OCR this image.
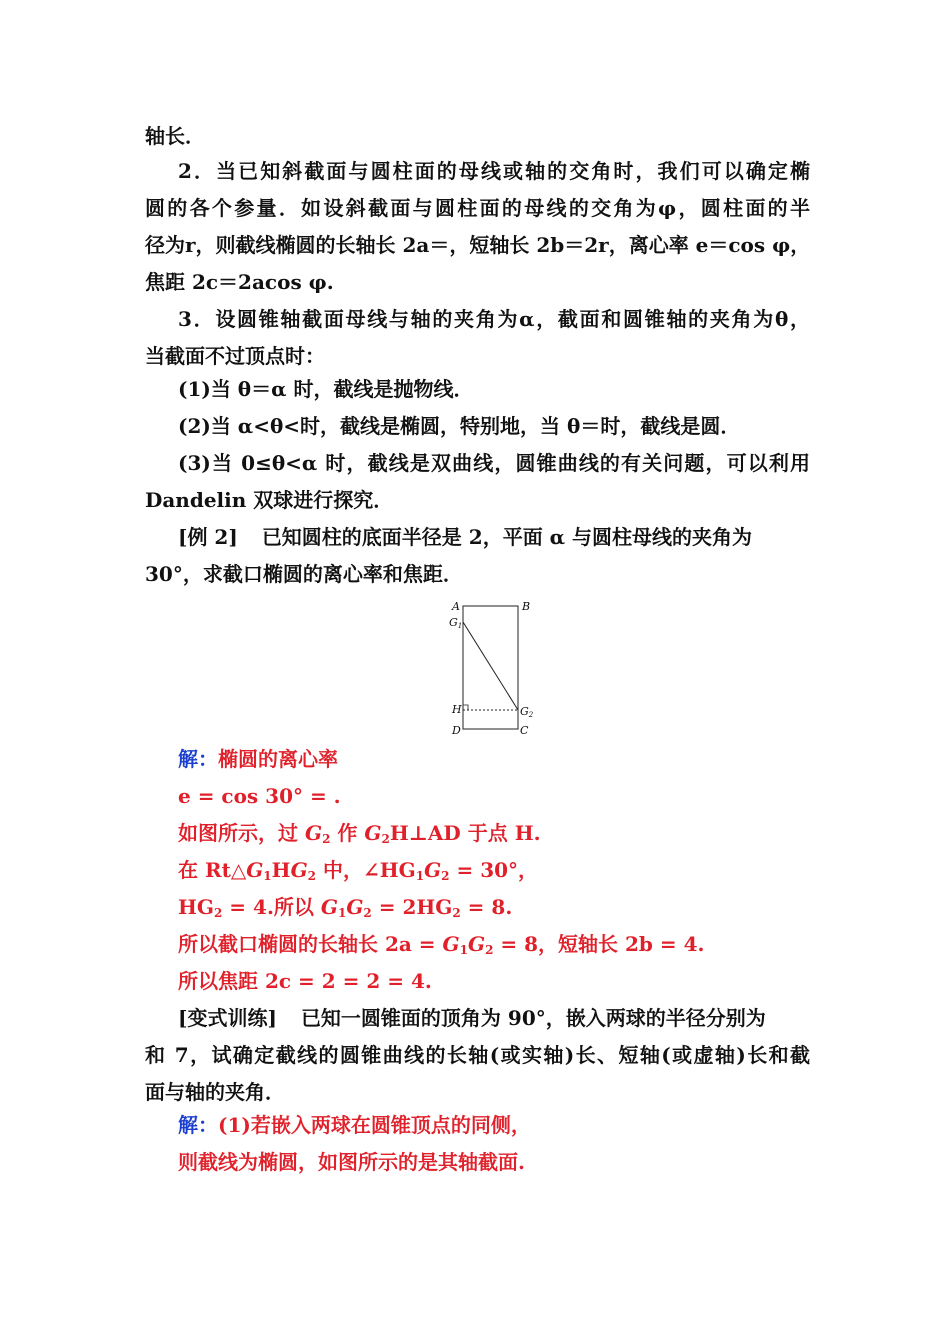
轴长．
2．当已知斜截面与圆柱面的母线或轴的交角时，我们可以确定椭
圆的各个参量．如设斜截面与圆柱面的母线的交角为φ，圆柱面的半
径为r，则截线椭圆的长轴长 2a＝，短轴长 2b＝2r，离心率 e＝cos φ，
焦距 2c＝2acos φ.
3．设圆锥轴截面母线与轴的夹角为α，截面和圆锥轴的夹角为θ，
当截面不过顶点时：
(1)当 θ＝α 时，截线是抛物线．
(2)当 α<θ<时，截线是椭圆，特别地，当 θ＝时，截线是圆．
(3)当 0≤θ<α 时，截线是双曲线，圆锥曲线的有关问题，可以利用
Dandelin 双球进行探究．
[例 2] 已知圆柱的底面半径是 2，平面 α 与圆柱母线的夹角为
30°，求截口椭圆的离心率和焦距．
A	B
G1
H	G2
D	C
解：椭圆的离心率
e = cos 30° = .
如图所示，过 $G_2$ 作 $G_2H\perp AD$ 于点 H.
在 $Rt\triangle G_1HG_2$ 中，$\angle HG_1G_2 = 30^\circ$，
$HG_2 = 4$.所以 $G_1G_2 = 2HG_2 = 8$.
所以截口椭圆的长轴长 $2a = G_1G_2 = 8$，短轴长 2b = 4.
所以焦距 2c = 2 = 2 = 4.
[变式训练] 已知一圆锥面的顶角为 90°，嵌入两球的半径分别为
和 7，试确定截线的圆锥曲线的长轴(或实轴)长、短轴(或虚轴)长和截
面与轴的夹角．
解：(1)若嵌入两球在圆锥顶点的同侧，
则截线为椭圆，如图所示的是其轴截面.
